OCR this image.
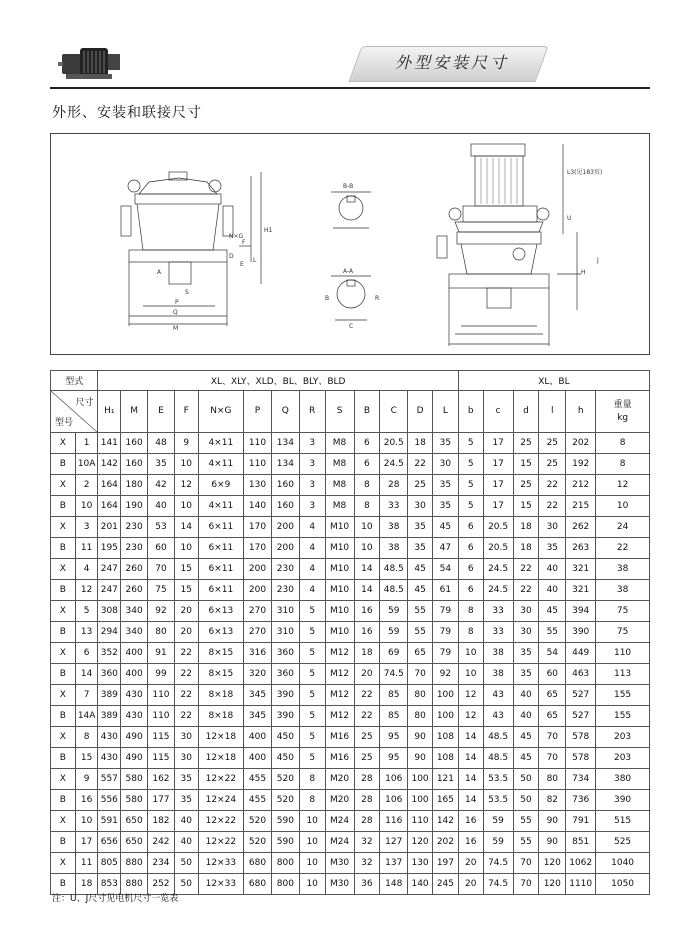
外型安装尺寸
外形、安装和联接尺寸
H1
M
Q
P
S
N×G
A
L
D
E
F
B-B
A-A
B
C
R
L3(见183页)
U
J
H
型式		XL、XLY、XLD、BL、BLY、BLD													XL、BL					

尺寸
型号		H₁	M	E	F	N×G	P	Q	R	S	B	C	D	L	b	c	d	l	h	重量
kg
X	1	141	160	48	9	4×11	110	134	3	M8	6	20.5	18	35	5	17	25	25	202	8
B	10A	142	160	35	10	4×11	110	134	3	M8	6	24.5	22	30	5	17	15	25	192	8
X	2	164	180	42	12	6×9	130	160	3	M8	8	28	25	35	5	17	25	22	212	12
B	10	164	190	40	10	4×11	140	160	3	M8	8	33	30	35	5	17	15	22	215	10
X	3	201	230	53	14	6×11	170	200	4	M10	10	38	35	45	6	20.5	18	30	262	24
B	11	195	230	60	10	6×11	170	200	4	M10	10	38	35	47	6	20.5	18	35	263	22
X	4	247	260	70	15	6×11	200	230	4	M10	14	48.5	45	54	6	24.5	22	40	321	38
B	12	247	260	75	15	6×11	200	230	4	M10	14	48.5	45	61	6	24.5	22	40	321	38
X	5	308	340	92	20	6×13	270	310	5	M10	16	59	55	79	8	33	30	45	394	75
B	13	294	340	80	20	6×13	270	310	5	M10	16	59	55	79	8	33	30	55	390	75
X	6	352	400	91	22	8×15	316	360	5	M12	18	69	65	79	10	38	35	54	449	110
B	14	360	400	99	22	8×15	320	360	5	M12	20	74.5	70	92	10	38	35	60	463	113
X	7	389	430	110	22	8×18	345	390	5	M12	22	85	80	100	12	43	40	65	527	155
B	14A	389	430	110	22	8×18	345	390	5	M12	22	85	80	100	12	43	40	65	527	155
X	8	430	490	115	30	12×18	400	450	5	M16	25	95	90	108	14	48.5	45	70	578	203
B	15	430	490	115	30	12×18	400	450	5	M16	25	95	90	108	14	48.5	45	70	578	203
X	9	557	580	162	35	12×22	455	520	8	M20	28	106	100	121	14	53.5	50	80	734	380
B	16	556	580	177	35	12×24	455	520	8	M20	28	106	100	165	14	53.5	50	82	736	390
X	10	591	650	182	40	12×22	520	590	10	M24	28	116	110	142	16	59	55	90	791	515
B	17	656	650	242	40	12×22	520	590	10	M24	32	127	120	202	16	59	55	90	851	525
X	11	805	880	234	50	12×33	680	800	10	M30	32	137	130	197	20	74.5	70	120	1062	1040
B	18	853	880	252	50	12×33	680	800	10	M30	36	148	140	245	20	74.5	70	120	1110	1050
注：U、J尺寸见电机尺寸一览表
